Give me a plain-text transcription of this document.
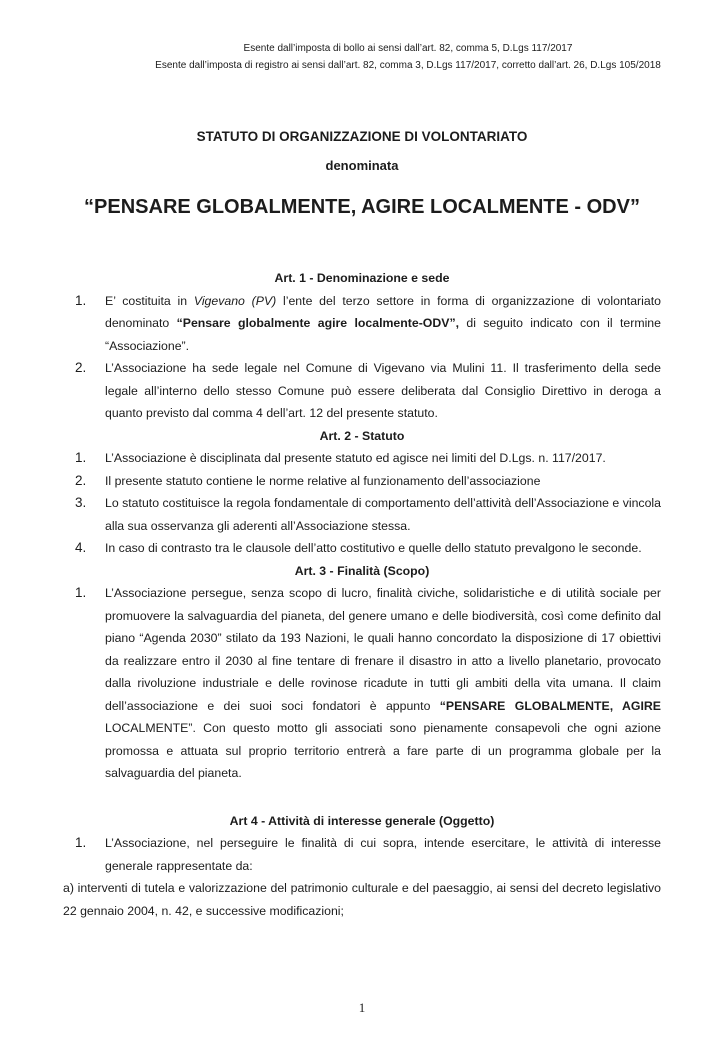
Esente dall’imposta di bollo ai sensi dall’art. 82, comma 5, D.Lgs 117/2017
Esente dall’imposta di registro ai sensi dall’art. 82, comma 3, D.Lgs 117/2017, corretto dall’art. 26, D.Lgs 105/2018
STATUTO DI ORGANIZZAZIONE DI VOLONTARIATO
denominata
“PENSARE GLOBALMENTE, AGIRE LOCALMENTE - ODV”
Art. 1 - Denominazione e sede
1. E’ costituita in Vigevano (PV) l’ente del terzo settore in forma di organizzazione di volontariato denominato “Pensare globalmente agire localmente-ODV”, di seguito indicato con il termine “Associazione”.
2. L’Associazione ha sede legale nel Comune di Vigevano via Mulini 11. Il trasferimento della sede legale all’interno dello stesso Comune può essere deliberata dal Consiglio Direttivo in deroga a quanto previsto dal comma 4 dell’art. 12 del presente statuto.
Art. 2 - Statuto
1. L’Associazione è disciplinata dal presente statuto ed agisce nei limiti del D.Lgs. n. 117/2017.
2. Il presente statuto contiene le norme relative al funzionamento dell’associazione
3. Lo statuto costituisce la regola fondamentale di comportamento dell’attività dell’Associazione e vincola alla sua osservanza gli aderenti all’Associazione stessa.
4. In caso di contrasto tra le clausole dell’atto costitutivo e quelle dello statuto prevalgono le seconde.
Art. 3 - Finalità (Scopo)
1. L’Associazione persegue, senza scopo di lucro, finalità civiche, solidaristiche e di utilità sociale per promuovere la salvaguardia del pianeta, del genere umano e delle biodiversità, così come definito dal piano “Agenda 2030” stilato da 193 Nazioni, le quali hanno concordato la disposizione di 17 obiettivi da realizzare entro il 2030 al fine tentare di frenare il disastro in atto a livello planetario, provocato dalla rivoluzione industriale e delle rovinose ricadute in tutti gli ambiti della vita umana. Il claim dell’associazione e dei suoi soci fondatori è appunto “PENSARE GLOBALMENTE, AGIRE LOCALMENTE”. Con questo motto gli associati sono pienamente consapevoli che ogni azione promossa e attuata sul proprio territorio entrerà a fare parte di un programma globale per la salvaguardia del pianeta.
Art 4 - Attività di interesse generale (Oggetto)
1. L’Associazione, nel perseguire le finalità di cui sopra, intende esercitare, le attività di interesse generale rappresentate da:
a) interventi di tutela e valorizzazione del patrimonio culturale e del paesaggio, ai sensi del decreto legislativo 22 gennaio 2004, n. 42, e successive modificazioni;
1
